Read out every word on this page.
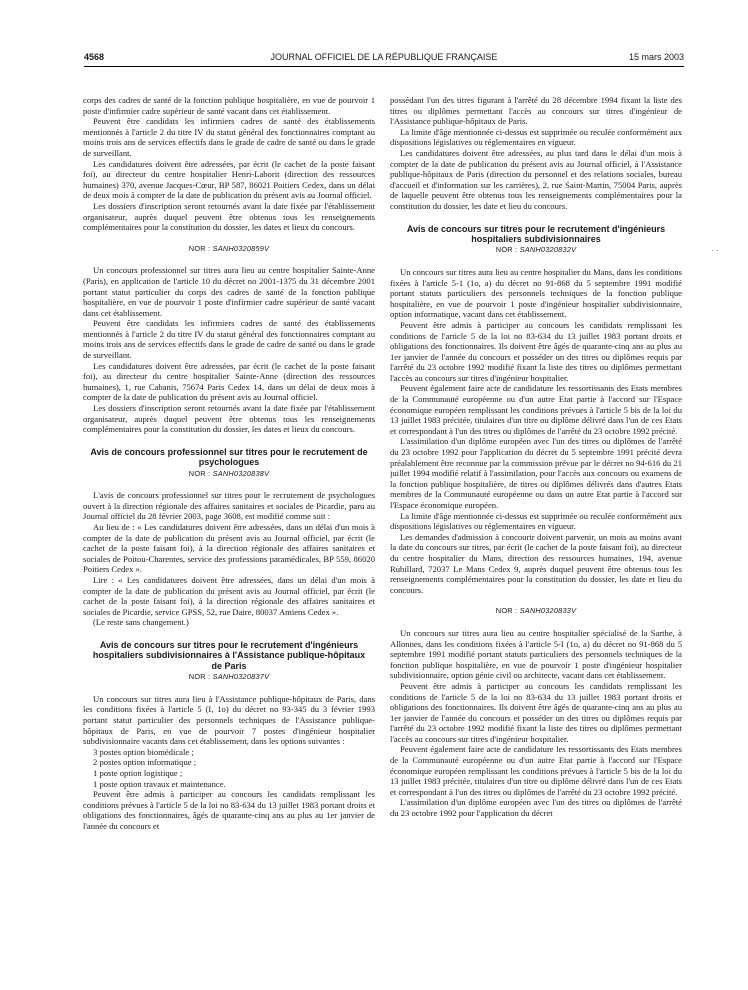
4568	JOURNAL OFFICIEL DE LA RÉPUBLIQUE FRANÇAISE	15 mars 2003

corps des cadres de santé de la fonction publique hospitalière, en vue de pourvoir 1 poste d'infirmier cadre supérieur de santé vacant dans cet établissement.

Peuvent être candidats les infirmiers cadres de santé des établissements mentionnés à l'article 2 du titre IV du statut général des fonctionnaires comptant au moins trois ans de services effectifs dans le grade de cadre de santé ou dans le grade de surveillant.

Les candidatures doivent être adressées, par écrit (le cachet de la poste faisant foi), au directeur du centre hospitalier Henri-Laborit (direction des ressources humaines) 370, avenue Jacques-Cœur, BP 587, 86021 Poitiers Cedex, dans un délai de deux mois à compter de la date de publication du présent avis au Journal officiel.

Les dossiers d'inscription seront retournés avant la date fixée par l'établissement organisateur, auprès duquel peuvent être obtenus tous les renseignements complémentaires pour la constitution du dossier, les dates et lieux du concours.

NOR : SANH0320859V

Un concours professionnel sur titres aura lieu au centre hospitalier Sainte-Anne (Paris), en application de l'article 10 du décret no 2001-1375 du 31 décembre 2001 portant statut particulier du corps des cadres de santé de la fonction publique hospitalière, en vue de pourvoir 1 poste d'infirmier cadre supérieur de santé vacant dans cet établissement.

Peuvent être candidats les infirmiers cadres de santé des établissements mentionnés à l'article 2 du titre IV du statut général des fonctionnaires comptant au moins trois ans de services effectifs dans le grade de cadre de santé ou dans le grade de surveillant.

Les candidatures doivent être adressées, par écrit (le cachet de la poste faisant foi), au directeur du centre hospitalier Sainte-Anne (direction des ressources humaines), 1, rue Cabanis, 75674 Paris Cedex 14, dans un délai de deux mois à compter de la date de publication du présent avis au Journal officiel.

Les dossiers d'inscription seront retournés avant la date fixée par l'établissement organisateur, auprès duquel peuvent être obtenus tous les renseignements complémentaires pour la constitution du dossier, les dates et lieux du concours.

Avis de concours professionnel sur titres pour le recrutement de psychologues
NOR : SANH0320838V

L'avis de concours professionnel sur titres pour le recrutement de psychologues ouvert à la direction régionale des affaires sanitaires et sociales de Picardie, paru au Journal officiel du 28 février 2003, page 3608, est modifié comme suit :

Au lieu de : « Les candidatures doivent être adressées, dans un délai d'un mois à compter de la date de publication du présent avis au Journal officiel, par écrit (le cachet de la poste faisant foi), à la direction régionale des affaires sanitaires et sociales de Poitou-Charentes, service des professions paramédicales, BP 559, 86020 Poitiers Cedex ».

Lire : « Les candidatures doivent être adressées, dans un délai d'un mois à compter de la date de publication du présent avis au Journal officiel, par écrit (le cachet de la poste faisant foi), à la direction régionale des affaires sanitaires et sociales de Picardie, service GPSS, 52, rue Daire, 80037 Amiens Cedex ».

(Le reste sans changement.)

Avis de concours sur titres pour le recrutement d'ingénieurs hospitaliers subdivisionnaires à l'Assistance publique-hôpitaux de Paris
NOR : SANH0320837V

Un concours sur titres aura lieu à l'Assistance publique-hôpitaux de Paris, dans les conditions fixées à l'article 5 (I, 1o) du décret no 93-345 du 3 février 1993 portant statut particulier des personnels techniques de l'Assistance publique-hôpitaux de Paris, en vue de pourvoir 7 postes d'ingénieur hospitalier subdivisionnaire vacants dans cet établissement, dans les options suivantes :

3 postes option biomédicale ;

2 postes option informatique ;

1 poste option logistique ;

1 poste option travaux et maintenance.

Peuvent être admis à participer au concours les candidats remplissant les conditions prévues à l'article 5 de la loi no 83-634 du 13 juillet 1983 portant droits et obligations des fonctionnaires, âgés de quarante-cinq ans au plus au 1er janvier de l'année du concours et

possédant l'un des titres figurant à l'arrêté du 28 décembre 1994 fixant la liste des titres ou diplômes permettant l'accès au concours sur titres d'ingénieur de l'Assistance publique-hôpitaux de Paris.

La limite d'âge mentionnée ci-dessus est supprimée ou reculée conformément aux dispositions législatives ou réglementaires en vigueur.

Les candidatures doivent être adressées, au plus tard dans le délai d'un mois à compter de la date de publication du présent avis au Journal officiel, à l'Assistance publique-hôpitaux de Paris (direction du personnel et des relations sociales, bureau d'accueil et d'information sur les carrières), 2, rue Saint-Martin, 75004 Paris, auprès de laquelle peuvent être obtenus tous les renseignements complémentaires pour la constitution du dossier, les date et lieu du concours.

Avis de concours sur titres pour le recrutement d'ingénieurs hospitaliers subdivisionnaires
NOR : SANH0320832V

Un concours sur titres aura lieu au centre hospitalier du Mans, dans les conditions fixées à l'article 5-1 (1o, a) du décret no 91-868 du 5 septembre 1991 modifié portant statuts particuliers des personnels techniques de la fonction publique hospitalière, en vue de pourvoir 1 poste d'ingénieur hospitalier subdivisionnaire, option informatique, vacant dans cet établissement.

Peuvent être admis à participer au concours les candidats remplissant les conditions de l'article 5 de la loi no 83-634 du 13 juillet 1983 portant droits et obligations des fonctionnaires. Ils doivent être âgés de quarante-cinq ans au plus au 1er janvier de l'année du concours et posséder un des titres ou diplômes requis par l'arrêté du 23 octobre 1992 modifié fixant la liste des titres ou diplômes permettant l'accès au concours sur titres d'ingénieur hospitalier.

Peuvent également faire acte de candidature les ressortissants des Etats membres de la Communauté européenne ou d'un autre Etat partie à l'accord sur l'Espace économique européen remplissant les conditions prévues à l'article 5 bis de la loi du 13 juillet 1983 précitée, titulaires d'un titre ou diplôme délivré dans l'un de ces Etats et correspondant à l'un des titres ou diplômes de l'arrêté du 23 octobre 1992 précité.

L'assimilation d'un diplôme européen avec l'un des titres ou diplômes de l'arrêté du 23 octobre 1992 pour l'application du décret du 5 septembre 1991 précité devra préalablement être reconnue par la commission prévue par le décret no 94-616 du 21 juillet 1994 modifié relatif à l'assimilation, pour l'accès aux concours ou examens de la fonction publique hospitalière, de titres ou diplômes délivrés dans d'autres Etats membres de la Communauté européenne ou dans un autre Etat partie à l'accord sur l'Espace économique européen.

La limite d'âge mentionnée ci-dessus est supprimée ou reculée conformément aux dispositions législatives ou réglementaires en vigueur.

Les demandes d'admission à concourir doivent parvenir, un mois au moins avant la date du concours sur titres, par écrit (le cachet de la poste faisant foi), au directeur du centre hospitalier du Mans, direction des ressources humaines, 194, avenue Rubillard, 72037 Le Mans Cedex 9, auprès duquel peuvent être obtenus tous les renseignements complémentaires pour la constitution du dossier, les date et lieu du concours.

NOR : SANH0320833V

Un concours sur titres aura lieu au centre hospitalier spécialisé de la Sarthe, à Allonnes, dans les conditions fixées à l'article 5-I (1o, a) du décret no 91-868 du 5 septembre 1991 modifié portant statuts particuliers des personnels techniques de la fonction publique hospitalière, en vue de pourvoir 1 poste d'ingénieur hospitalier subdivisionnaire, option génie civil ou architecte, vacant dans cet établissement.

Peuvent être admis à participer au concours les candidats remplissant les conditions de l'article 5 de la loi no 83-634 du 13 juillet 1983 portant droits et obligations des fonctionnaires. Ils doivent être âgés de quarante-cinq ans au plus au 1er janvier de l'année du concours et posséder un des titres ou diplômes requis par l'arrêté du 23 octobre 1992 modifié fixant la liste des titres ou diplômes permettant l'accès au concours sur titres d'ingénieur hospitalier.

Peuvent également faire acte de candidature les ressortissants des Etats membres de la Communauté européenne ou d'un autre Etat partie à l'accord sur l'Espace économique européen remplissant les conditions prévues à l'article 5 bis de la loi du 13 juillet 1983 précitée, titulaires d'un titre ou diplôme délivré dans l'un de ces Etats et correspondant à l'un des titres ou diplômes de l'arrêté du 23 octobre 1992 précité.

L'assimilation d'un diplôme européen avec l'un des titres ou diplômes de l'arrêté du 23 octobre 1992 pour l'application du décret

· ·
